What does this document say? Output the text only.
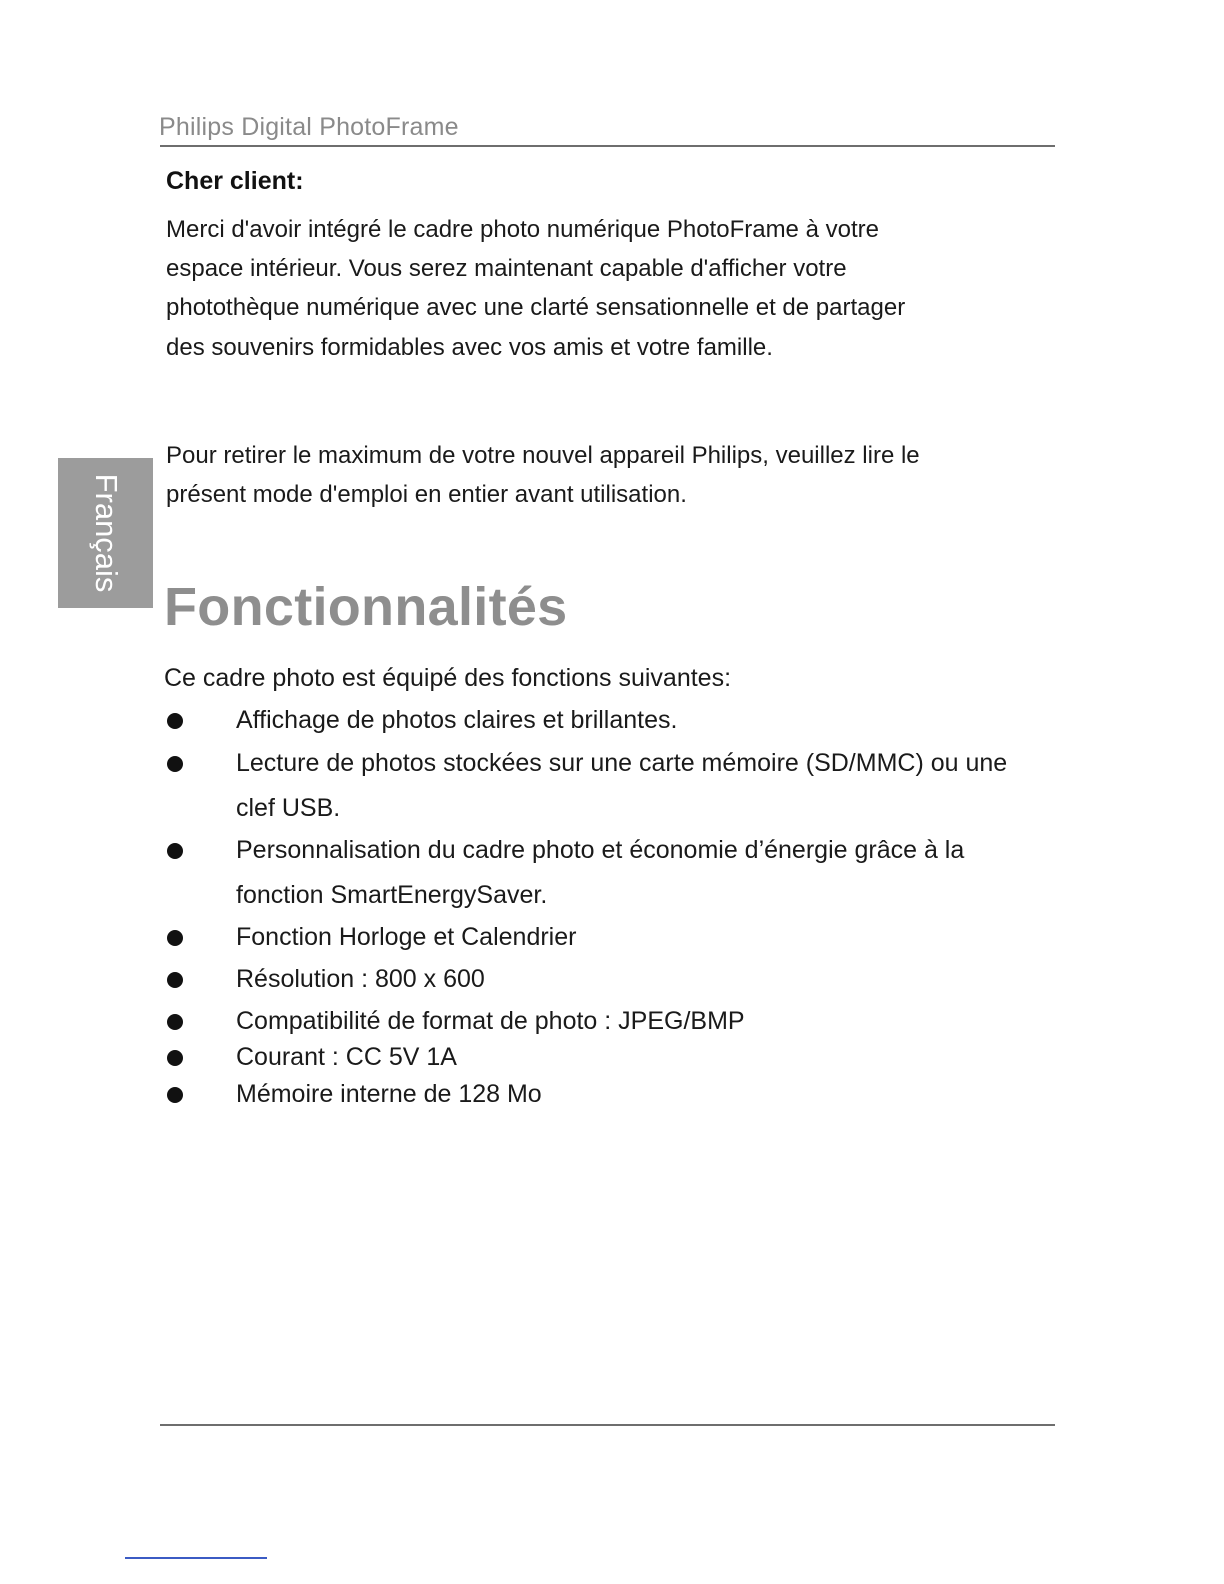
Philips Digital PhotoFrame
Français
Cher client:

Merci d'avoir intégré le cadre photo numérique PhotoFrame à votre espace intérieur. Vous serez maintenant capable d'afficher votre photothèque numérique avec une clarté sensationnelle et de partager des souvenirs formidables avec vos amis et votre famille.

Pour retirer le maximum de votre nouvel appareil Philips, veuillez lire le présent mode d'emploi en entier avant utilisation.

Fonctionnalités
Ce cadre photo est équipé des fonctions suivantes:
Affichage de photos claires et brillantes.
Lecture de photos stockées sur une carte mémoire (SD/MMC) ou une clef USB.
Personnalisation du cadre photo et économie d’énergie grâce à la fonction SmartEnergySaver.
Fonction Horloge et Calendrier
Résolution : 800 x 600
Compatibilité de format de photo : JPEG/BMP
Courant : CC 5V 1A
Mémoire interne de 128 Mo
